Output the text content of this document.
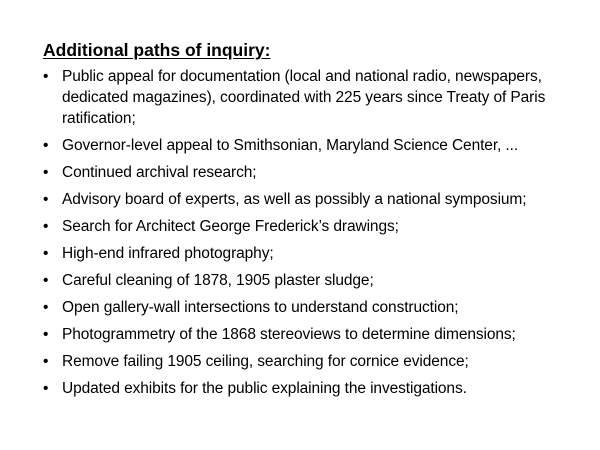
Additional paths of inquiry:
• Public appeal for documentation (local and national radio, newspapers, dedicated magazines), coordinated with 225 years since Treaty of Paris ratification;
• Governor-level appeal to Smithsonian, Maryland Science Center, ...
• Continued archival research;
• Advisory board of experts, as well as possibly a national symposium;
• Search for Architect George Frederick’s drawings;
• High-end infrared photography;
• Careful cleaning of 1878, 1905 plaster sludge;
• Open gallery-wall intersections to understand construction;
• Photogrammetry of the 1868 stereoviews to determine dimensions;
• Remove failing 1905 ceiling, searching for cornice evidence;
• Updated exhibits for the public explaining the investigations.
